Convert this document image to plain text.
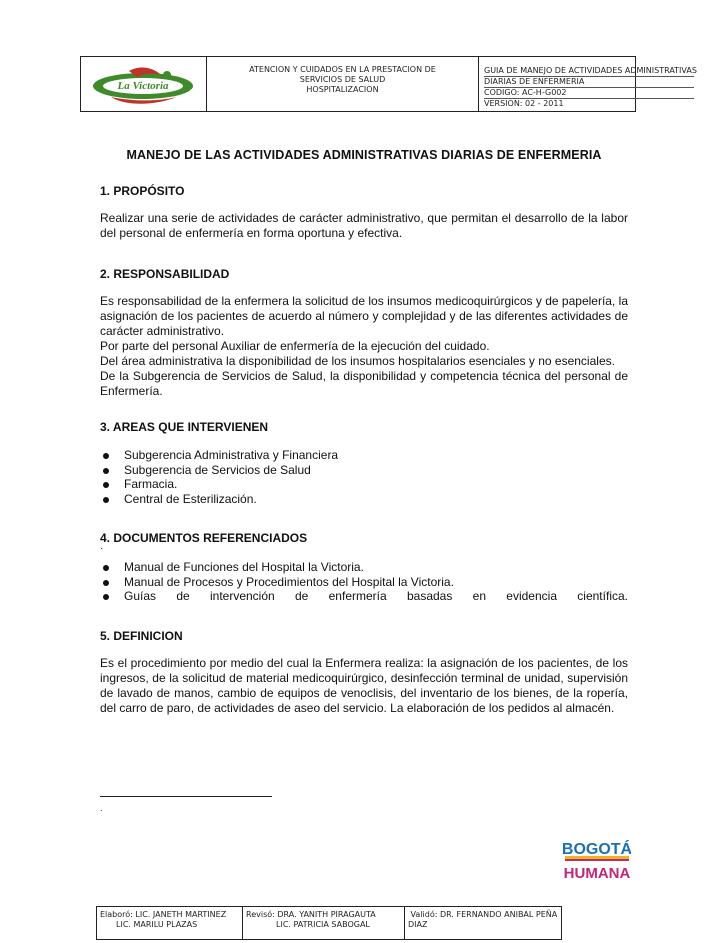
La Victoria
ATENCION Y CUIDADOS EN LA PRESTACION DE
SERVICIOS DE SALUD
HOSPITALIZACION
GUIA DE MANEJO DE ACTIVIDADES ADMINISTRATIVAS
DIARIAS DE ENFERMERIA
CODIGO: AC-H-G002
VERSION: 02 - 2011
MANEJO DE LAS ACTIVIDADES ADMINISTRATIVAS DIARIAS DE ENFERMERIA
1. PROPÓSITO
Realizar una serie de actividades de carácter administrativo, que permitan el desarrollo de la labor
del personal de enfermería en forma oportuna y efectiva.
2. RESPONSABILIDAD
Es responsabilidad de la enfermera la solicitud de los insumos medicoquirúrgicos y de papelería, la
asignación de los pacientes de acuerdo al número y complejidad y de las diferentes actividades de
carácter administrativo.
Por parte del personal Auxiliar de enfermería de la ejecución del cuidado.
Del área administrativa la disponibilidad de los insumos hospitalarios esenciales y no esenciales.
De la Subgerencia de Servicios de Salud, la disponibilidad y competencia técnica del personal de
Enfermería.
3. AREAS QUE INTERVIENEN
Subgerencia Administrativa y Financiera
Subgerencia de Servicios de Salud
Farmacia.
Central de Esterilización.
4. DOCUMENTOS REFERENCIADOS
·
Manual de Funciones del Hospital la Victoria.
Manual de Procesos y Procedimientos del Hospital la Victoria.
Guías de intervención de enfermería basadas en evidencia científica.
5. DEFINICION
Es el procedimiento por medio del cual la Enfermera realiza: la asignación de los pacientes, de los
ingresos, de la solicitud de material medicoquirúrgico, desinfección terminal de unidad, supervisión
de lavado de manos, cambio de equipos de venoclisis, del inventario de los bienes, de la ropería,
del carro de paro, de actividades de aseo del servicio. La elaboración de los pedidos al almacén.
.
BOGOTÁ
HUMANA
Elaboró: LIC. JANETH MARTINEZ
LIC. MARILU PLAZAS
Revisó: DRA. YANITH PIRAGAUTA
LIC. PATRICIA SABOGAL
Validó: DR. FERNANDO ANIBAL PEÑA
DIAZ
